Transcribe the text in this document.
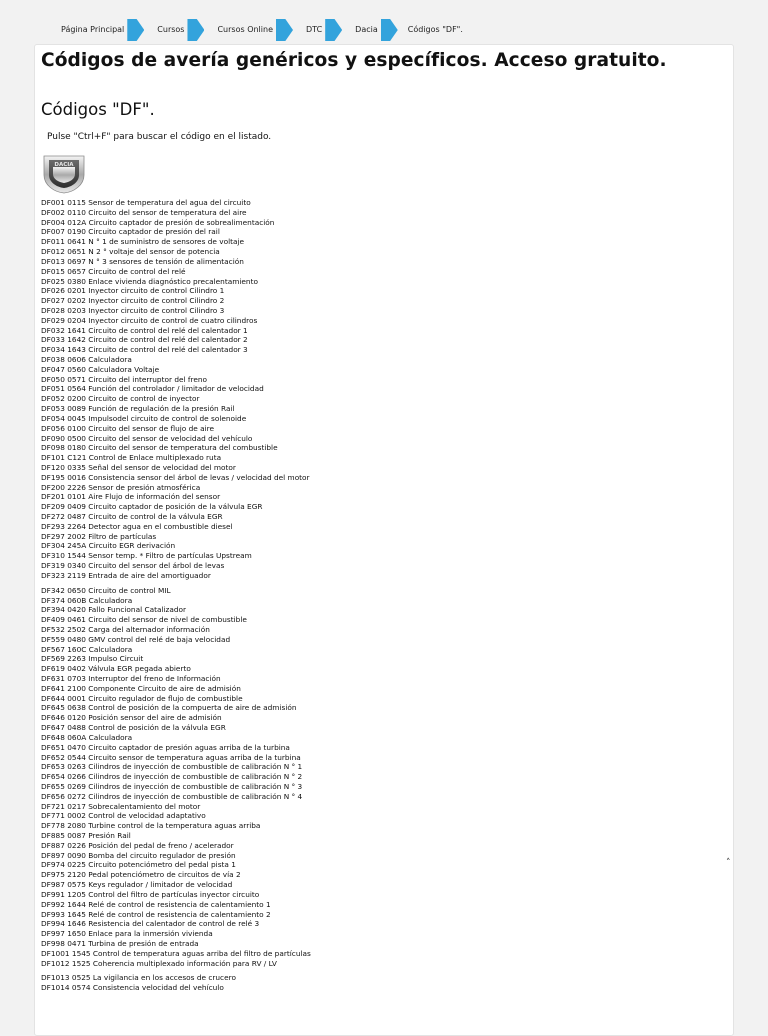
Página Principal	Cursos	Cursos Online	DTC	Dacia	Códigos "DF".
Códigos de avería genéricos y específicos. Acceso gratuito.
Códigos "DF".

Pulse "Ctrl+F" para buscar el código en el listado.

DACIA
DF001 0115 Sensor de temperatura del agua del circuito
DF002 0110 Circuito del sensor de temperatura del aire
DF004 012A Circuito captador de presión de sobrealimentación
DF007 0190 Circuito captador de presión del rail
DF011 0641 N ° 1 de suministro de sensores de voltaje
DF012 0651 N 2 ° voltaje del sensor de potencia
DF013 0697 N ° 3 sensores de tensión de alimentación
DF015 0657 Circuito de control del relé
DF025 0380 Enlace vivienda diagnóstico precalentamiento
DF026 0201 Inyector circuito de control Cilindro 1
DF027 0202 Inyector circuito de control Cilindro 2
DF028 0203 Inyector circuito de control Cilindro 3
DF029 0204 Inyector circuito de control de cuatro cilindros
DF032 1641 Circuito de control del relé del calentador 1
DF033 1642 Circuito de control del relé del calentador 2
DF034 1643 Circuito de control del relé del calentador 3
DF038 0606 Calculadora
DF047 0560 Calculadora Voltaje
DF050 0571 Circuito del interruptor del freno
DF051 0564 Función del controlador / limitador de velocidad
DF052 0200 Circuito de control de inyector
DF053 0089 Función de regulación de la presión Rail
DF054 0045 Impulsodel circuito de control de solenoide
DF056 0100 Circuito del sensor de flujo de aire
DF090 0500 Circuito del sensor de velocidad del vehículo
DF098 0180 Circuito del sensor de temperatura del combustible
DF101 C121 Control de Enlace multiplexado ruta
DF120 0335 Señal del sensor de velocidad del motor
DF195 0016 Consistencia sensor del árbol de levas / velocidad del motor
DF200 2226 Sensor de presión atmosférica
DF201 0101 Aire Flujo de información del sensor
DF209 0409 Circuito captador de posición de la válvula EGR
DF272 0487 Circuito de control de la válvula EGR
DF293 2264 Detector agua en el combustible diesel
DF297 2002 Filtro de partículas
DF304 245A Circuito EGR derivación
DF310 1544 Sensor temp. * Filtro de partículas Upstream
DF319 0340 Circuito del sensor del árbol de levas
DF323 2119 Entrada de aire del amortiguador
DF342 0650 Circuito de control MIL
DF374 060B Calculadora
DF394 0420 Fallo Funcional Catalizador
DF409 0461 Circuito del sensor de nivel de combustible
DF532 2502 Carga del alternador información
DF559 0480 GMV control del relé de baja velocidad
DF567 160C Calculadora
DF569 2263 Impulso Circuit
DF619 0402 Válvula EGR pegada abierto
DF631 0703 Interruptor del freno de Información
DF641 2100 Componente Circuito de aire de admisión
DF644 0001 Circuito regulador de flujo de combustible
DF645 0638 Control de posición de la compuerta de aire de admisión
DF646 0120 Posición sensor del aire de admisión
DF647 0488 Control de posición de la válvula EGR
DF648 060A Calculadora
DF651 0470 Circuito captador de presión aguas arriba de la turbina
DF652 0544 Circuito sensor de temperatura aguas arriba de la turbina
DF653 0263 Cilindros de inyección de combustible de calibración N ° 1
DF654 0266 Cilindros de inyección de combustible de calibración N ° 2
DF655 0269 Cilindros de inyección de combustible de calibración N ° 3
DF656 0272 Cilindros de inyección de combustible de calibración N ° 4
DF721 0217 Sobrecalentamiento del motor
DF771 0002 Control de velocidad adaptativo
DF778 2080 Turbine control de la temperatura aguas arriba
DF885 0087 Presión Rail
DF887 0226 Posición del pedal de freno / acelerador
DF897 0090 Bomba del circuito regulador de presión
DF974 0225 Circuito potenciómetro del pedal pista 1
DF975 2120 Pedal potenciómetro de circuitos de vía 2
DF987 0575 Keys regulador / limitador de velocidad
DF991 1205 Control del filtro de partículas inyector circuito
DF992 1644 Relé de control de resistencia de calentamiento 1
DF993 1645 Relé de control de resistencia de calentamiento 2
DF994 1646 Resistencia del calentador de control de relé 3
DF997 1650 Enlace para la inmersión vivienda
DF998 0471 Turbina de presión de entrada
DF1001 1545 Control de temperatura aguas arriba del filtro de partículas
DF1012 1525 Coherencia multiplexado información para RV / LV
DF1013 0525 La vigilancia en los accesos de crucero
DF1014 0574 Consistencia velocidad del vehículo
˄
